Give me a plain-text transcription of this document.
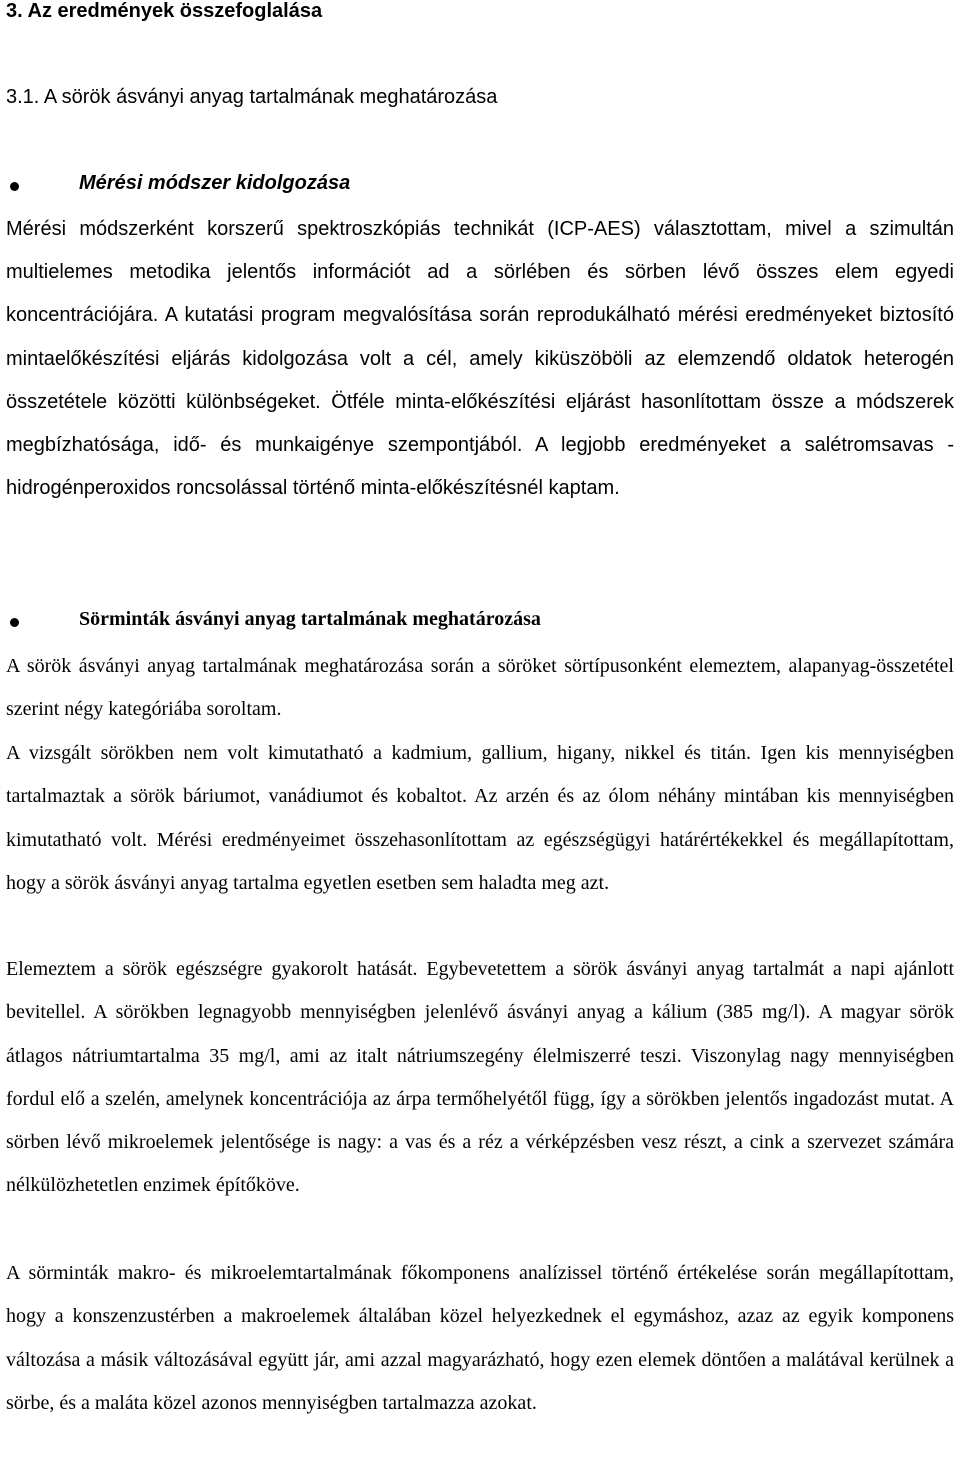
3. Az eredmények összefoglalása
3.1. A sörök ásványi anyag tartalmának meghatározása
Mérési módszer kidolgozása

Mérési módszerként korszerű spektroszkópiás technikát (ICP-AES) választottam, mivel a szimultán multielemes metodika jelentős információt ad a sörlében és sörben lévő összes elem egyedi koncentrációjára. A kutatási program megvalósítása során reprodukálható mérési eredményeket biztosító mintaelőkészítési eljárás kidolgozása volt a cél, amely kiküszöböli az elemzendő oldatok heterogén összetétele közötti különbségeket. Ötféle minta-előkészítési eljárást hasonlítottam össze a módszerek megbízhatósága, idő- és munkaigénye szempontjából. A legjobb eredményeket a salétromsavas - hidrogénperoxidos roncsolással történő minta-előkészítésnél kaptam.

Sörminták ásványi anyag tartalmának meghatározása

A sörök ásványi anyag tartalmának meghatározása során a söröket sörtípusonként elemeztem, alapanyag-összetétel szerint négy kategóriába soroltam.

A vizsgált sörökben nem volt kimutatható a kadmium, gallium, higany, nikkel és titán. Igen kis mennyiségben tartalmaztak a sörök báriumot, vanádiumot és kobaltot. Az arzén és az ólom néhány mintában kis mennyiségben kimutatható volt. Mérési eredményeimet összehasonlítottam az egészségügyi határértékekkel és megállapítottam, hogy a sörök ásványi anyag tartalma egyetlen esetben sem haladta meg azt.

Elemeztem a sörök egészségre gyakorolt hatását. Egybevetettem a sörök ásványi anyag tartalmát a napi ajánlott bevitellel. A sörökben legnagyobb mennyiségben jelenlévő ásványi anyag a kálium (385 mg/l). A magyar sörök átlagos nátriumtartalma 35 mg/l, ami az italt nátriumszegény élelmiszerré teszi. Viszonylag nagy mennyiségben fordul elő a szelén, amelynek koncentrációja az árpa termőhelyétől függ, így a sörökben jelentős ingadozást mutat. A sörben lévő mikroelemek jelentősége is nagy: a vas és a réz a vérképzésben vesz részt, a cink a szervezet számára nélkülözhetetlen enzimek építőköve.

A sörminták makro- és mikroelemtartalmának főkomponens analízissel történő értékelése során megállapítottam, hogy a konszenzustérben a makroelemek általában közel helyezkednek el egymáshoz, azaz az egyik komponens változása a másik változásával együtt jár, ami azzal magyarázható, hogy ezen elemek döntően a malátával kerülnek a sörbe, és a maláta közel azonos mennyiségben tartalmazza azokat.
